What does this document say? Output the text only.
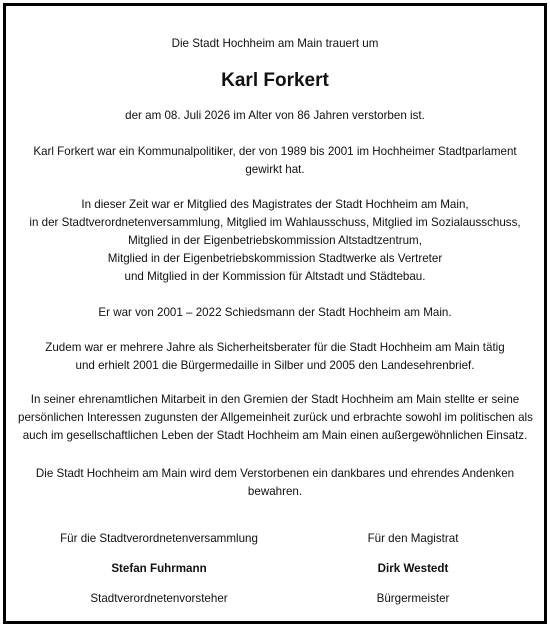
Die Stadt Hochheim am Main trauert um
Karl Forkert
der am 08. Juli 2026 im Alter von 86 Jahren verstorben ist.
Karl Forkert war ein Kommunalpolitiker, der von 1989 bis 2001 im Hochheimer Stadtparlament
gewirkt hat.
In dieser Zeit war er Mitglied des Magistrates der Stadt Hochheim am Main,
in der Stadtverordnetenversammlung, Mitglied im Wahlausschuss, Mitglied im Sozialausschuss,
Mitglied in der Eigenbetriebskommission Altstadtzentrum,
Mitglied in der Eigenbetriebskommission Stadtwerke als Vertreter
und Mitglied in der Kommission für Altstadt und Städtebau.
Er war von 2001 – 2022 Schiedsmann der Stadt Hochheim am Main.
Zudem war er mehrere Jahre als Sicherheitsberater für die Stadt Hochheim am Main tätig
und erhielt 2001 die Bürgermedaille in Silber und 2005 den Landesehrenbrief.
In seiner ehrenamtlichen Mitarbeit in den Gremien der Stadt Hochheim am Main stellte er seine
persönlichen Interessen zugunsten der Allgemeinheit zurück und erbrachte sowohl im politischen als
auch im gesellschaftlichen Leben der Stadt Hochheim am Main einen außergewöhnlichen Einsatz.
Die Stadt Hochheim am Main wird dem Verstorbenen ein dankbares und ehrendes Andenken
bewahren.
Für die Stadtverordnetenversammlung
Stefan Fuhrmann
Stadtverordnetenvorsteher
Für den Magistrat
Dirk Westedt
Bürgermeister
